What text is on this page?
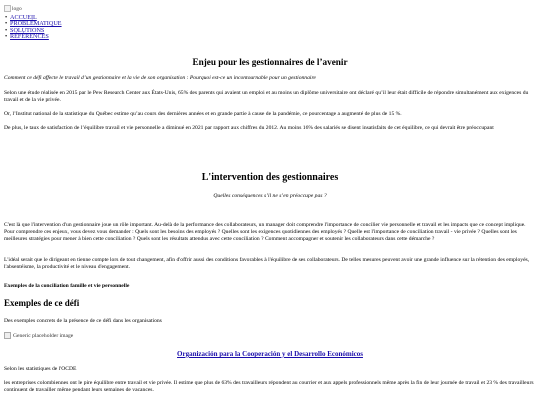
logo
• ACCUEIL
• PROBLÉMATIQUE
• SOLUTIONS
• RÉFÉRENCES
Enjeu pour les gestionnaires de l’avenir

Comment ce défi affecte le travail d’un gestionnaire et la vie de son organisation : Pourquoi est-ce un incontournable pour un gestionnaire

Selon une étude réalisée en 2015 par le Pew Research Center aux États-Unis, 65% des parents qui avaient un emploi et au moins un diplôme universitaire ont déclaré qu’il leur était difficile de répondre simultanément aux exigences du travail et de la vie privée.

Or, l’Institut national de la statistique du Québec estime qu’au cours des dernières années et en grande partie à cause de la pandémie, ce pourcentage a augmenté de plus de 15 %.

De plus, le taux de satisfaction de l’équilibre travail et vie personnelle a diminué en 2021 par rapport aux chiffres du 2012. Au moins 16% des salariés se disent insatisfaits de cet équilibre, ce qui devrait être préoccupant

L'intervention des gestionnaires
Quelles conséquences s’il ne s’en préoccupe pas ?

C'est là que l'intervention d'un gestionnaire joue un rôle important. Au-delà de la performance des collaborateurs, un manager doit comprendre l'importance de concilier vie personnelle et travail et les impacts que ce concept implique. Pour comprendre ces enjeux, vous devez vous demander : Quels sont les besoins des employés ? Quelles sont les exigences quotidiennes des employés ? Quelle est l'importance de conciliation travail - vie privée ? Quelles sont les meilleures stratégies pour mener à bien cette conciliation ? Quels sont les résultats attendus avec cette conciliation ? Comment accompagner et soutenir les collaborateurs dans cette démarche ?

L'idéal serait que le dirigeant en tienne compte lors de tout changement, afin d'offrir aussi des conditions favorables à l'équilibre de ses collaborateurs. De telles mesures peuvent avoir une grande influence sur la rétention des employés, l'absentéisme, la productivité et le niveau d'engagement.

Exemples de la conciliation famille et vie personnelle
Exemples de ce défi

Des exemples concrets de la présence de ce défi dans les organisations

Generic placeholder image
Organización para la Cooperación y el Desarrollo Económicos

Selon les statistiques de l'OCDE

les entreprises colombiennes ont le pire équilibre entre travail et vie privée. Il estime que plus de 63% des travailleurs répondent au courrier et aux appels professionnels même après la fin de leur journée de travail et 23 % des travailleurs continuent de travailler même pendant leurs semaines de vacances.
